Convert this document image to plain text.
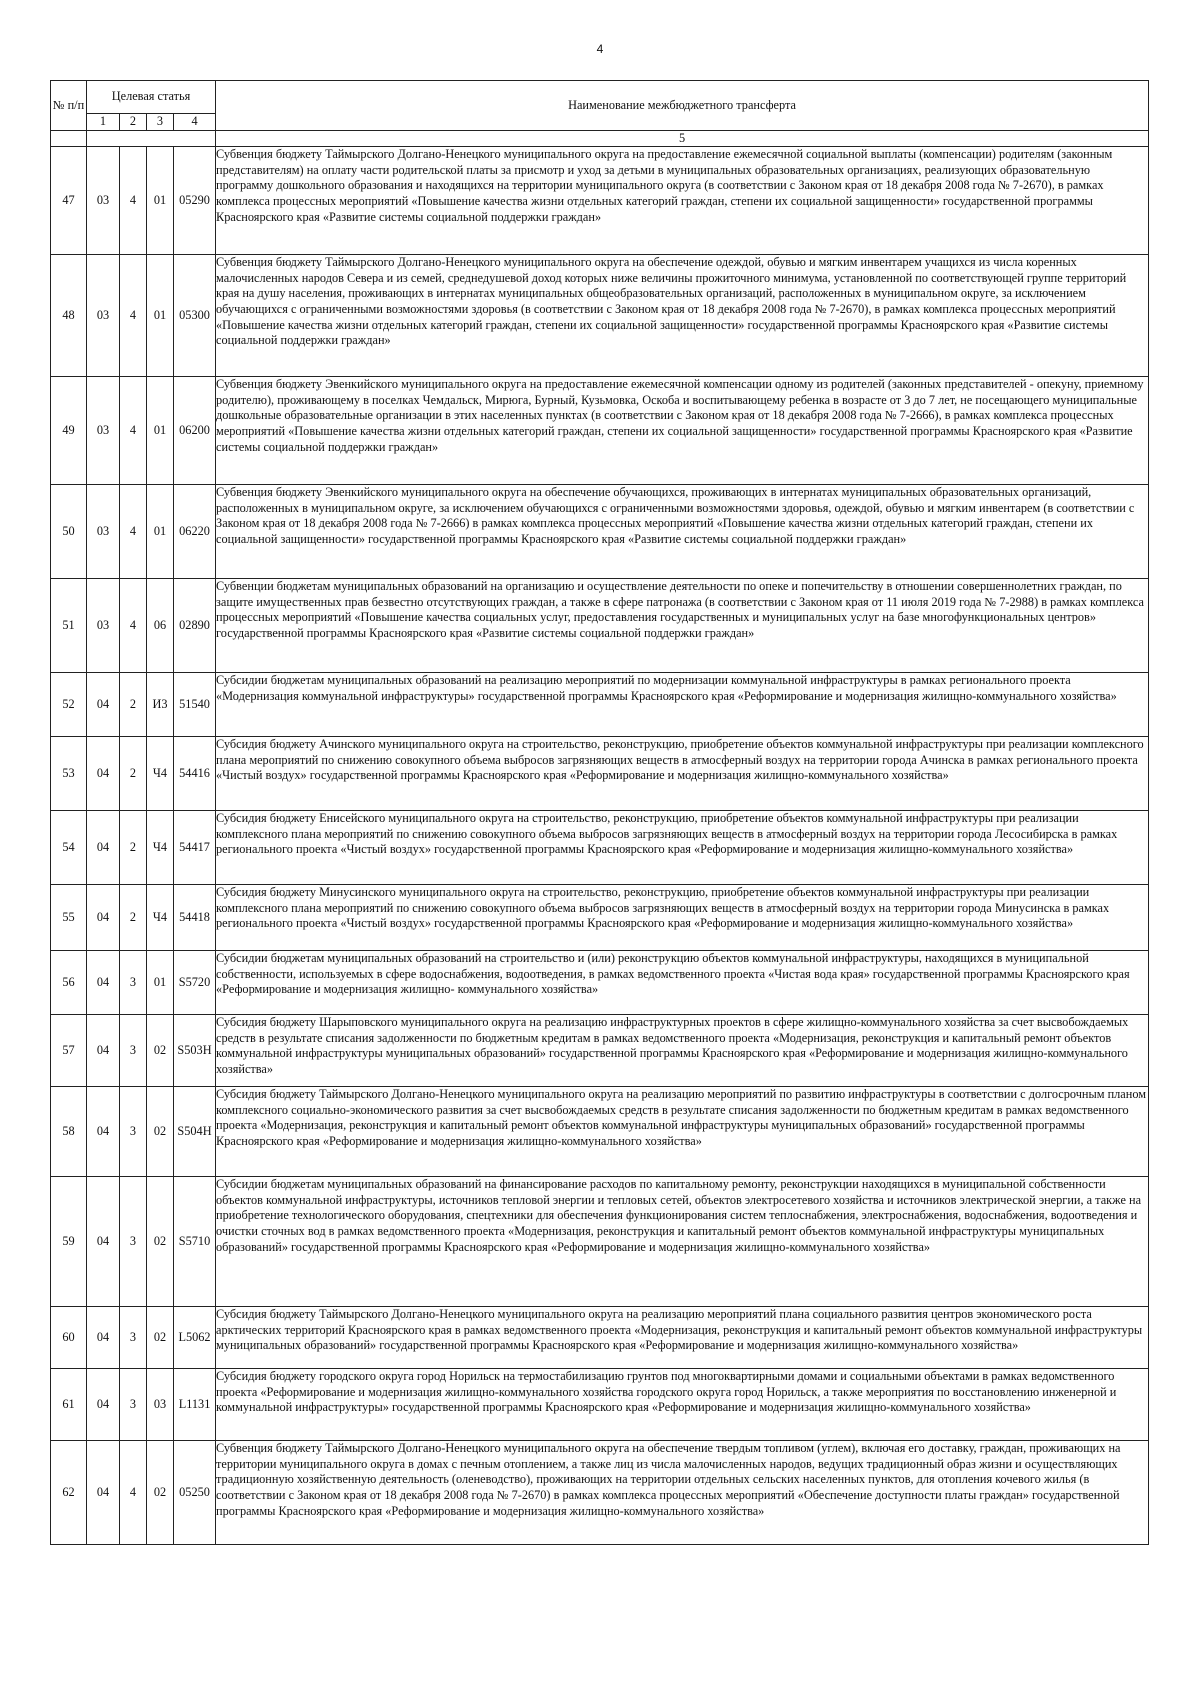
4
№ п/п	Целевая статья				Наименование межбюджетного трансферта
	1	2	3	4	
					5
47	03	4	01	05290	Субвенция бюджету Таймырского Долгано-Ненецкого муниципального округа на предоставление ежемесячной социальной выплаты (компенсации) родителям (законным представителям) на оплату части родительской платы за присмотр и уход за детьми в муниципальных образовательных организациях, реализующих образовательную программу дошкольного образования и находящихся на территории муниципального округа (в соответствии с Законом края от 18 декабря 2008 года № 7-2670), в рамках комплекса процессных мероприятий «Повышение качества жизни отдельных категорий граждан, степени их социальной защищенности» государственной программы Красноярского края «Развитие системы социальной поддержки граждан»
48	03	4	01	05300	Субвенция бюджету Таймырского Долгано-Ненецкого муниципального округа на обеспечение одеждой, обувью и мягким инвентарем учащихся из числа коренных малочисленных народов Севера и из семей, среднедушевой доход которых ниже величины прожиточного минимума, установленной по соответствующей группе территорий края на душу населения, проживающих в интернатах муниципальных общеобразовательных организаций, расположенных в муниципальном округе, за исключением обучающихся с ограниченными возможностями здоровья (в соответствии с Законом края от 18 декабря 2008 года № 7-2670), в рамках комплекса процессных мероприятий «Повышение качества жизни отдельных категорий граждан, степени их социальной защищенности» государственной программы Красноярского края «Развитие системы социальной поддержки граждан»
49	03	4	01	06200	Субвенция бюджету Эвенкийского муниципального округа на предоставление ежемесячной компенсации одному из родителей (законных представителей - опекуну, приемному родителю), проживающему в поселках Чемдальск, Мирюга, Бурный, Кузьмовка, Оскоба и воспитывающему ребенка в возрасте от 3 до 7 лет, не посещающего муниципальные дошкольные образовательные организации в этих населенных пунктах (в соответствии с Законом края от 18 декабря 2008 года № 7-2666), в рамках комплекса процессных мероприятий «Повышение качества жизни отдельных категорий граждан, степени их социальной защищенности» государственной программы Красноярского края «Развитие системы социальной поддержки граждан»
50	03	4	01	06220	Субвенция бюджету Эвенкийского муниципального округа на обеспечение обучающихся, проживающих в интернатах муниципальных образовательных организаций, расположенных в муниципальном округе, за исключением обучающихся с ограниченными возможностями здоровья, одеждой, обувью и мягким инвентарем (в соответствии с Законом края от 18 декабря 2008 года № 7-2666) в рамках комплекса процессных мероприятий «Повышение качества жизни отдельных категорий граждан, степени их социальной защищенности» государственной программы Красноярского края «Развитие системы социальной поддержки граждан»
51	03	4	06	02890	Субвенции бюджетам муниципальных образований на организацию и осуществление деятельности по опеке и попечительству в отношении совершеннолетних граждан, по защите имущественных прав безвестно отсутствующих граждан, а также в сфере патронажа (в соответствии с Законом края от 11 июля 2019 года № 7-2988) в рамках комплекса процессных мероприятий «Повышение качества социальных услуг, предоставления государственных и муниципальных услуг на базе многофункциональных центров» государственной программы Красноярского края «Развитие системы социальной поддержки граждан»
52	04	2	И3	51540	Субсидии бюджетам муниципальных образований на реализацию мероприятий по модернизации коммунальной инфраструктуры в рамках регионального проекта «Модернизация коммунальной инфраструктуры» государственной программы Красноярского края «Реформирование и модернизация жилищно-коммунального хозяйства»
53	04	2	Ч4	54416	Субсидия бюджету Ачинского муниципального округа на строительство, реконструкцию, приобретение объектов коммунальной инфраструктуры при реализации комплексного плана мероприятий по снижению совокупного объема выбросов загрязняющих веществ в атмосферный воздух на территории города Ачинска в рамках регионального проекта «Чистый воздух» государственной программы Красноярского края «Реформирование и модернизация жилищно-коммунального хозяйства»
54	04	2	Ч4	54417	Субсидия бюджету Енисейского муниципального округа на строительство, реконструкцию, приобретение объектов коммунальной инфраструктуры при реализации комплексного плана мероприятий по снижению совокупного объема выбросов загрязняющих веществ в атмосферный воздух на территории города Лесосибирска в рамках регионального проекта «Чистый воздух» государственной программы Красноярского края «Реформирование и модернизация жилищно-коммунального хозяйства»
55	04	2	Ч4	54418	Субсидия бюджету Минусинского муниципального округа на строительство, реконструкцию, приобретение объектов коммунальной инфраструктуры при реализации комплексного плана мероприятий по снижению совокупного объема выбросов загрязняющих веществ в атмосферный воздух на территории города Минусинска в рамках регионального проекта «Чистый воздух» государственной программы Красноярского края «Реформирование и модернизация жилищно-коммунального хозяйства»
56	04	3	01	S5720	Субсидии бюджетам муниципальных образований на строительство и (или) реконструкцию объектов коммунальной инфраструктуры, находящихся в муниципальной собственности, используемых в сфере водоснабжения, водоотведения, в рамках ведомственного проекта «Чистая вода края» государственной программы Красноярского края «Реформирование и модернизация жилищно- коммунального хозяйства»
57	04	3	02	S503Н	Субсидия бюджету Шарыповского муниципального округа на реализацию инфраструктурных проектов в сфере жилищно-коммунального хозяйства за счет высвобождаемых средств в результате списания задолженности по бюджетным кредитам в рамках ведомственного проекта «Модернизация, реконструкция и капитальный ремонт объектов коммунальной инфраструктуры муниципальных образований» государственной программы Красноярского края «Реформирование и модернизация жилищно-коммунального хозяйства»
58	04	3	02	S504Н	Субсидия бюджету Таймырского Долгано-Ненецкого муниципального округа на реализацию мероприятий по развитию инфраструктуры в соответствии с долгосрочным планом комплексного социально-экономического развития за счет высвобождаемых средств в результате списания задолженности по бюджетным кредитам в рамках ведомственного проекта «Модернизация, реконструкция и капитальный ремонт объектов коммунальной инфраструктуры муниципальных образований» государственной программы Красноярского края «Реформирование и модернизация жилищно-коммунального хозяйства»
59	04	3	02	S5710	Субсидии бюджетам муниципальных образований на финансирование расходов по капитальному ремонту, реконструкции находящихся в муниципальной собственности объектов коммунальной инфраструктуры, источников тепловой энергии и тепловых сетей, объектов электросетевого хозяйства и источников электрической энергии, а также на приобретение технологического оборудования, спецтехники для обеспечения функционирования систем теплоснабжения, электроснабжения, водоснабжения, водоотведения и очистки сточных вод в рамках ведомственного проекта «Модернизация, реконструкция и капитальный ремонт объектов коммунальной инфраструктуры муниципальных образований» государственной программы Красноярского края «Реформирование и модернизация жилищно-коммунального хозяйства»
60	04	3	02	L5062	Субсидия бюджету Таймырского Долгано-Ненецкого муниципального округа на реализацию мероприятий плана социального развития центров экономического роста арктических территорий Красноярского края в рамках ведомственного проекта «Модернизация, реконструкция и капитальный ремонт объектов коммунальной инфраструктуры муниципальных образований» государственной программы Красноярского края «Реформирование и модернизация жилищно-коммунального хозяйства»
61	04	3	03	L1131	Субсидия бюджету городского округа город Норильск на термостабилизацию грунтов под многоквартирными домами и социальными объектами в рамках ведомственного проекта «Реформирование и модернизация жилищно-коммунального хозяйства городского округа город Норильск, а также мероприятия по восстановлению инженерной и коммунальной инфраструктуры» государственной программы Красноярского края «Реформирование и модернизация жилищно-коммунального хозяйства»
62	04	4	02	05250	Субвенция бюджету Таймырского Долгано-Ненецкого муниципального округа на обеспечение твердым топливом (углем), включая его доставку, граждан, проживающих на территории муниципального округа в домах с печным отоплением, а также лиц из числа малочисленных народов, ведущих традиционный образ жизни и осуществляющих традиционную хозяйственную деятельность (оленеводство), проживающих на территории отдельных сельских населенных пунктов, для отопления кочевого жилья (в соответствии с Законом края от 18 декабря 2008 года № 7-2670) в рамках комплекса процессных мероприятий «Обеспечение доступности платы граждан» государственной программы Красноярского края «Реформирование и модернизация жилищно-коммунального хозяйства»
